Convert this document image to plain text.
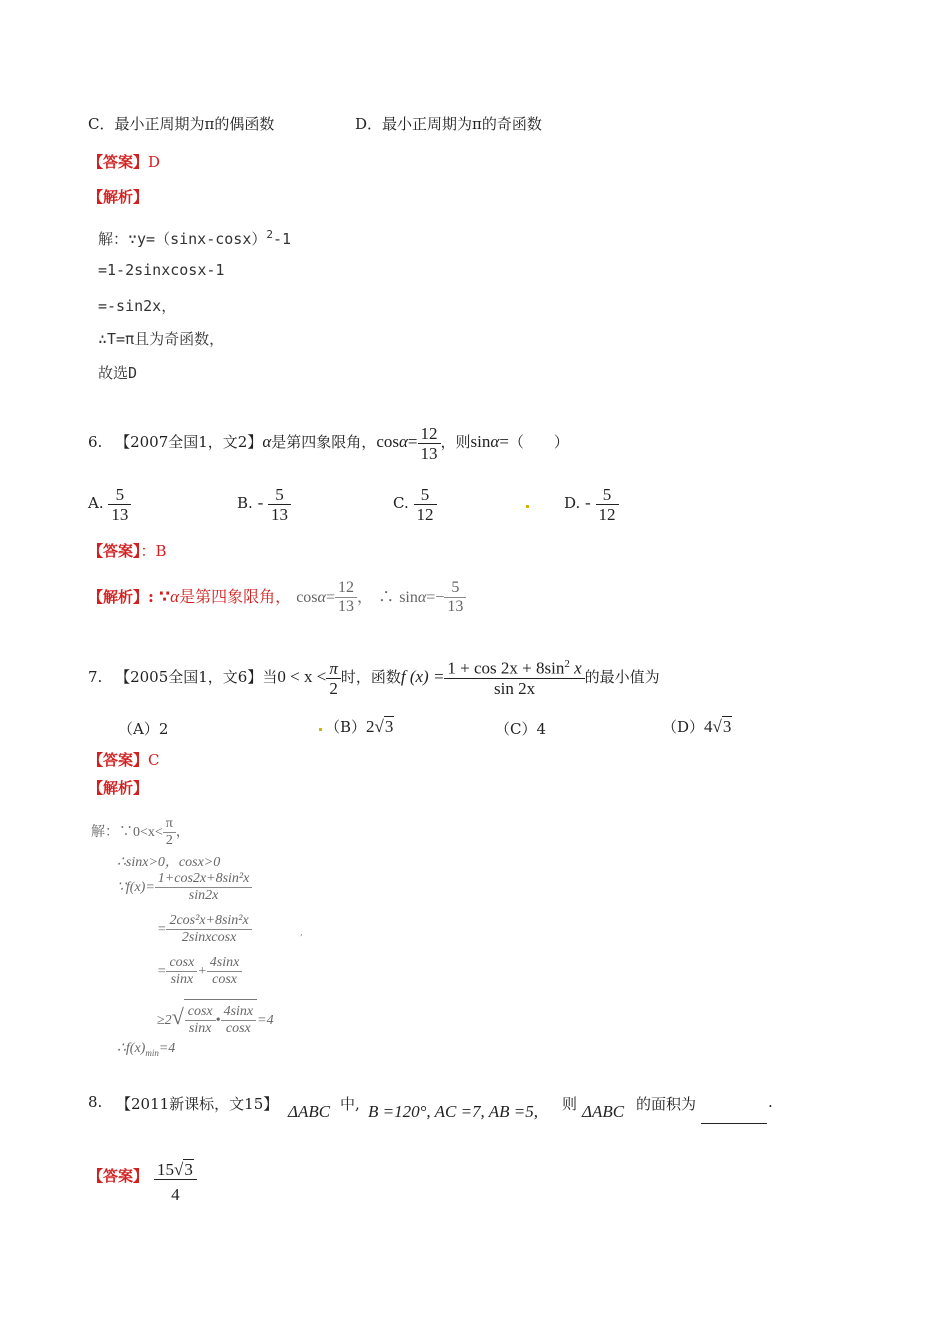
C．最小正周期为π的偶函数	D．最小正周期为π的奇函数
【答案】D
【解析】
解：$\because y=(\sin x-\cos x)^2-1$
=1-2sinxcosx-1
=-sin2x，
∴T=π且为奇函数，
故选D
6. 【2007全国1，文2】α是第四象限角，$\cos\alpha= \frac{12}{13}$ ，则sinα=（　　）
A. $\frac{5}{13}$	B. - $\frac{5}{13}$	C. $\frac{5}{12}$	D. - $\frac{5}{12}$
【答案】：B
【解析】: ∵α是第四象限角， $\cos\alpha= \frac{12}{13}$ ， ∴ $\sin\alpha=- \frac{5}{13}$
7. 【2005全国1，文6】当$0 < x < \frac{\pi}{2}$ 时，函数f $(x) = \frac{1 + \cos 2x + 8\sin^2 x}{\sin 2x}$ 的最小值为
（A）2	（B）2√3	（C）4	（D）4√3
【答案】C
【解析】
解：∵0<x< $\frac{\pi}{2}$ ，
∴sinx>0，cosx>0
∵f(x)= $\frac{\text{1+cos2x+8sin²x}}{\sin 2x}$
= $\frac{\text{2cos²x+8sin²x}}{\text{2sinxcosx}}$	,
= $\frac{\cos x}{\sin x} + \frac{4\sin x}{\cos x}$
$\ge 2√ \frac{\cos x}{\sin x}$ • $\frac{4\sin x}{\cos x} =4$
$\therefore f(x)_{min}=4$
8. 【2011新课标，文15】 ΔABC 中, B =120°, AC =7, AB =5, 则 ΔABC 的面积为	.
【答案】 $\frac{15√3}{4}$
